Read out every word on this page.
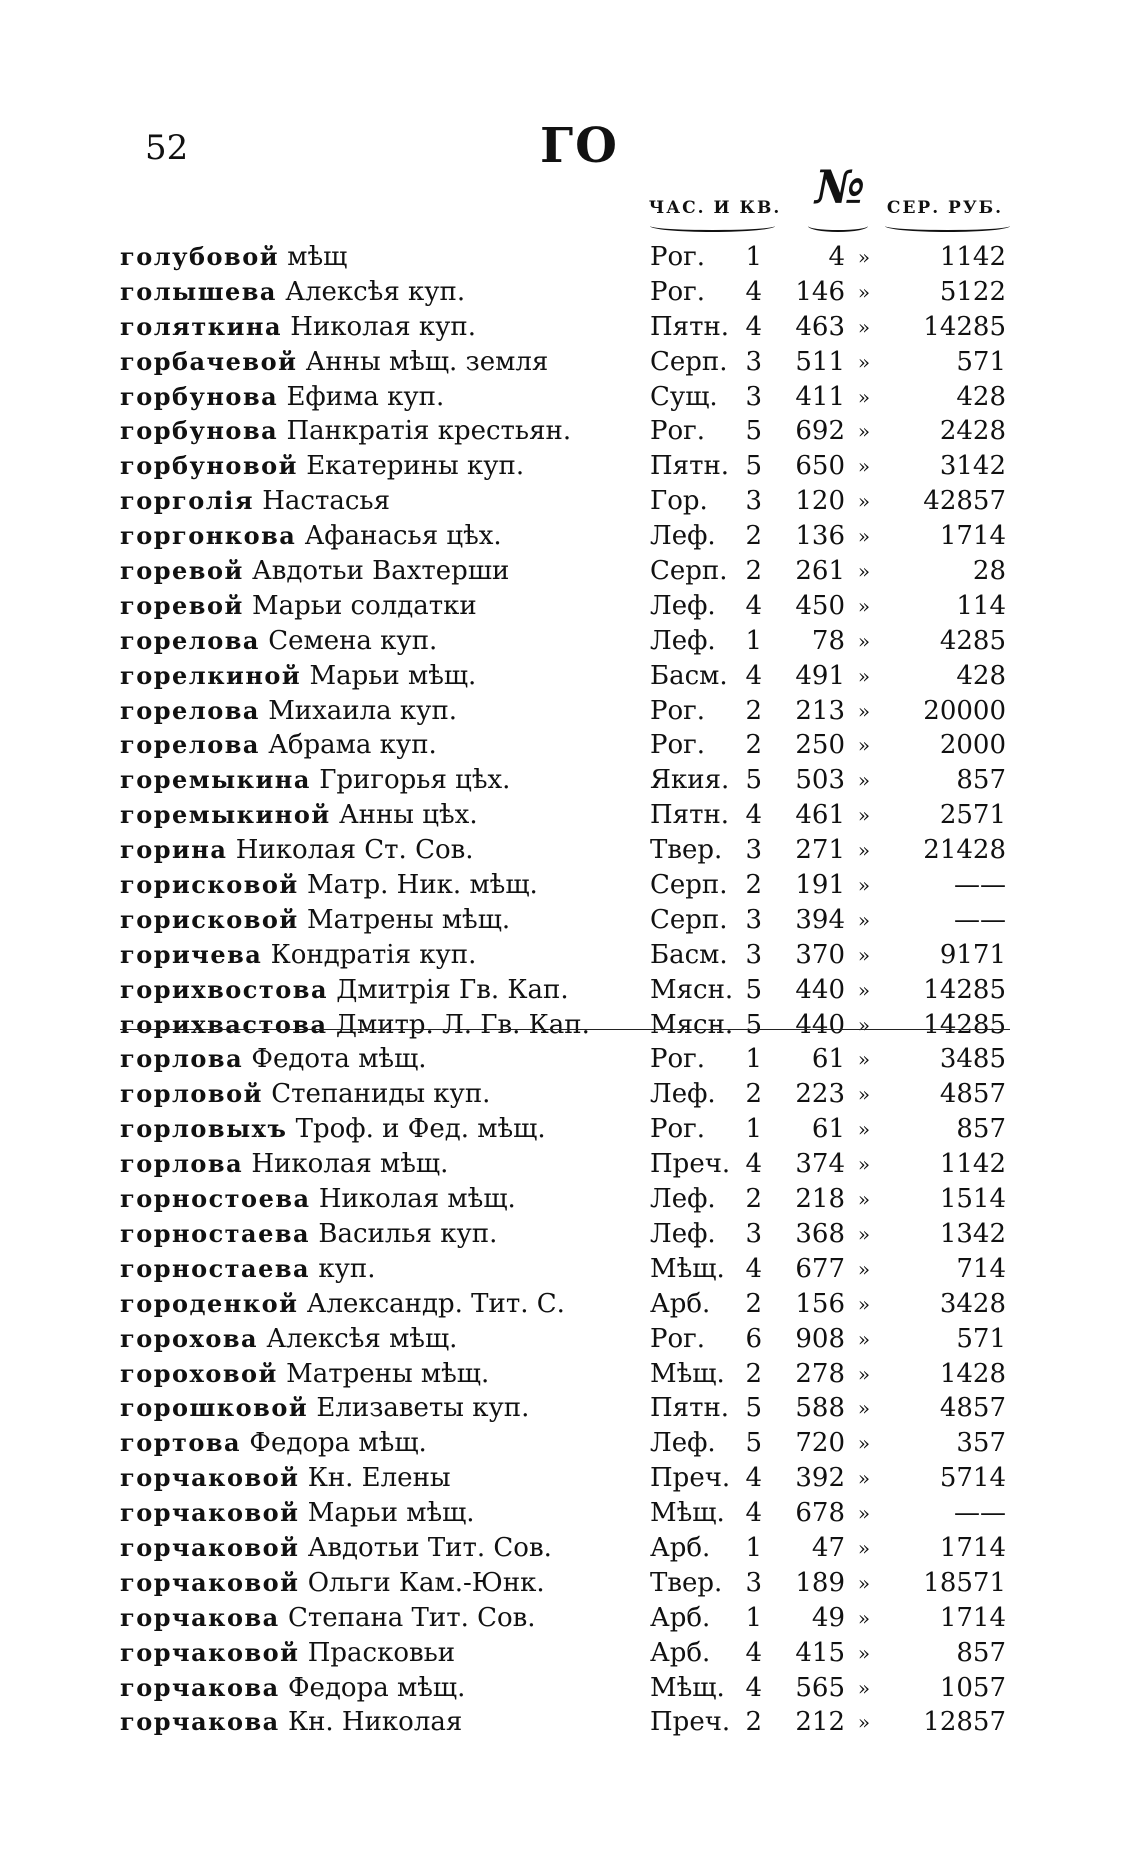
52	ГО
ЧАС. И КВ. №	СЕР. РУБ.
голубовой мѣщ	Рог.	1	4 »	1142
голышева Алексѣя куп.	Рог.	4	146 »	5122
голяткина Николая куп.	Пятн. 4	463 »	14285
горбачевой Анны мѣщ. земля	Серп. 3	511 »	571
горбунова Ефима куп.	Сущ.	3	411 »	428
горбунова Панкратія крестьян.	Рог.	5	692 »	2428
горбуновой Екатерины куп.	Пятн. 5	650 »	3142
горголія Настасья	Гор.	3	120 »	42857
горгонкова Афанасья цѣх.	Леф.	2	136 »	1714
горевой Авдотьи Вахтерши	Серп. 2	261 »	28
горевой Марьи солдатки	Леф.	4	450 »	114
горелова Семена куп.	Леф.	1	78 »	4285
горелкиной Марьи мѣщ.	Басм. 4	491 »	428
горелова Михаила куп.	Рог.	2	213 »	20000
горелова Абрама куп.	Рог.	2	250 »	2000
горемыкина Григорья цѣх.	Якия. 5	503 »	857
горемыкиной Анны цѣх.	Пятн. 4	461 »	2571
горина Николая Ст. Сов.	Твер. 3	271 »	21428
горисковой Матр. Ник. мѣщ.	Серп. 2	191 »	——
горисковой Матрены мѣщ.	Серп. 3	394 »	——
горичева Кондратія куп.	Басм. 3	370 »	9171
горихвостова Дмитрія Гв. Кап.	Мясн. 5	440 »	14285
горихвастова Дмитр. Л. Гв. Кап.	Мясн. 5	440 »	14285
горлова Федота мѣщ.	Рог.	1	61 »	3485
горловой Степаниды куп.	Леф.	2	223 »	4857
горловыхъ Троф. и Фед. мѣщ.	Рог.	1	61 »	857
горлова Николая мѣщ.	Преч. 4	374 »	1142
горностоева Николая мѣщ.	Леф.	2	218 »	1514
горностаева Василья куп.	Леф.	3	368 »	1342
горностаева куп.	Мѣщ. 4	677 »	714
городенкой Александр. Тит. С.	Арб.	2	156 »	3428
горохова Алексѣя мѣщ.	Рог.	6	908 »	571
гороховой Матрены мѣщ.	Мѣщ. 2	278 »	1428
горошковой Елизаветы куп.	Пятн. 5	588 »	4857
гортова Федора мѣщ.	Леф.	5	720 »	357
горчаковой Кн. Елены	Преч. 4	392 »	5714
горчаковой Марьи мѣщ.	Мѣщ. 4	678 »	——
горчаковой Авдотьи Тит. Сов.	Арб.	1	47 »	1714
горчаковой Ольги Кам.-Юнк.	Твер. 3	189 »	18571
горчакова Степана Тит. Сов.	Арб.	1	49 »	1714
горчаковой Прасковьи	Арб.	4	415 »	857
горчакова Федора мѣщ.	Мѣщ. 4	565 »	1057
горчакова Кн. Николая	Преч. 2	212 »	12857
